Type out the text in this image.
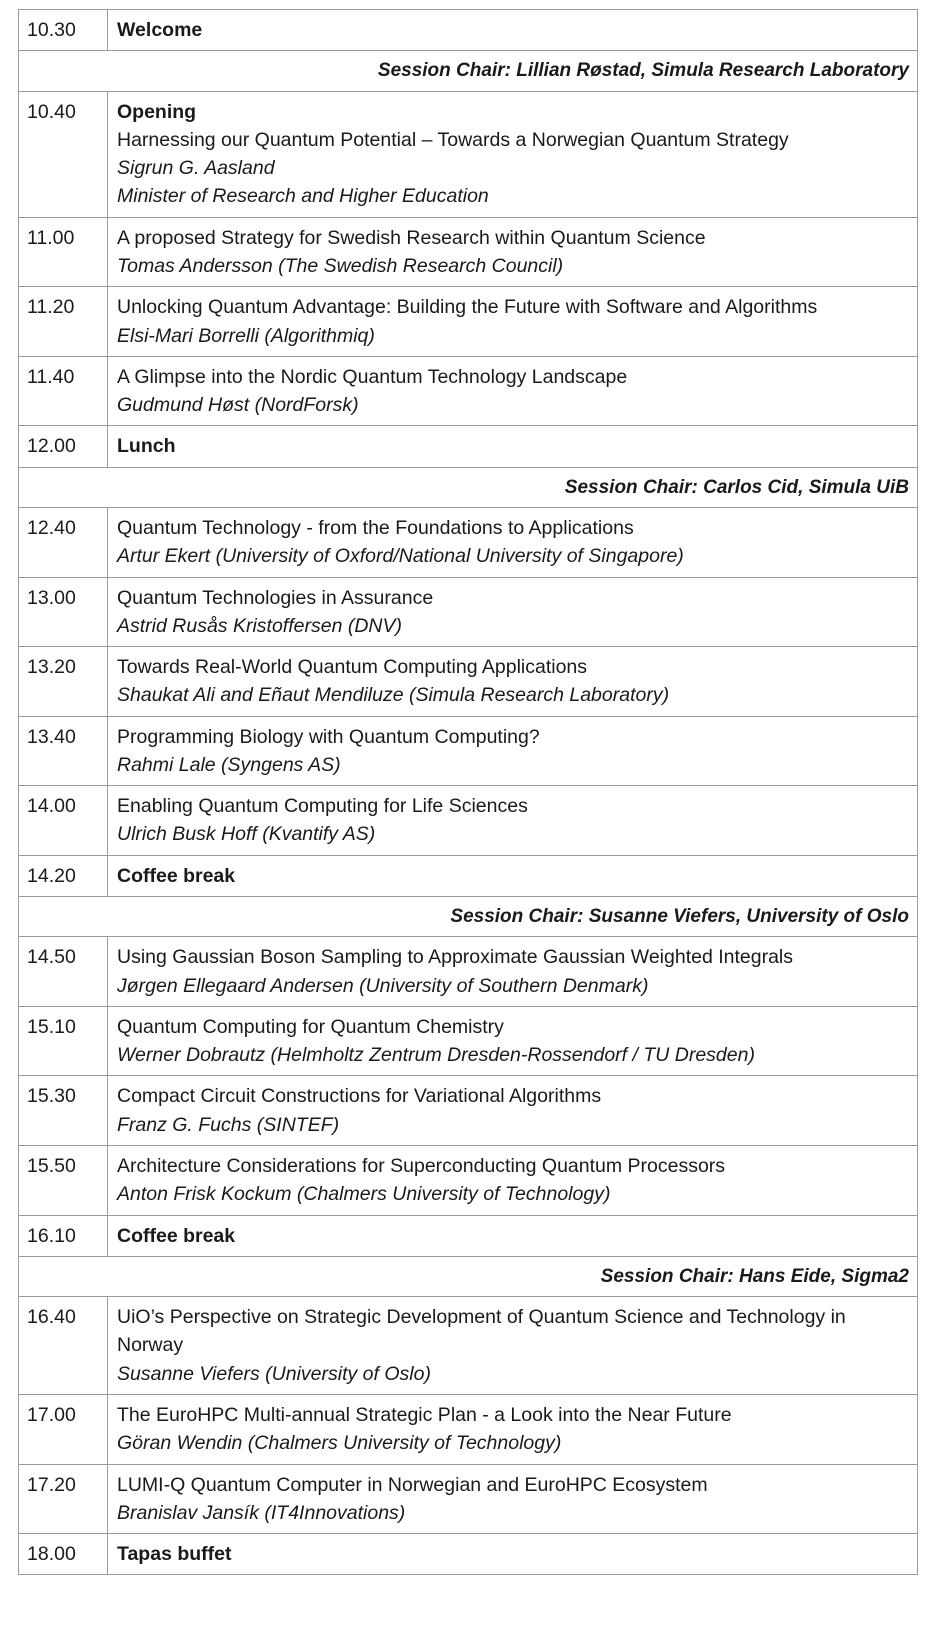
10.30	Welcome

Session Chair: Lillian Røstad, Simula Research Laboratory	
10.40	Opening
Harnessing our Quantum Potential – Towards a Norwegian Quantum Strategy
Sigrun G. Aasland
Minister of Research and Higher Education

11.00	A proposed Strategy for Swedish Research within Quantum Science
Tomas Andersson (The Swedish Research Council)

11.20	Unlocking Quantum Advantage: Building the Future with Software and Algorithms
Elsi-Mari Borrelli (Algorithmiq)

11.40	A Glimpse into the Nordic Quantum Technology Landscape
Gudmund Høst (NordForsk)

12.00	Lunch

Session Chair: Carlos Cid, Simula UiB	
12.40	Quantum Technology - from the Foundations to Applications
Artur Ekert (University of Oxford/National University of Singapore)

13.00	Quantum Technologies in Assurance
Astrid Rusås Kristoffersen (DNV)

13.20	Towards Real-World Quantum Computing Applications
Shaukat Ali and Eñaut Mendiluze (Simula Research Laboratory)

13.40	Programming Biology with Quantum Computing?
Rahmi Lale (Syngens AS)

14.00	Enabling Quantum Computing for Life Sciences
Ulrich Busk Hoff (Kvantify AS)

14.20	Coffee break

Session Chair: Susanne Viefers, University of Oslo	
14.50	Using Gaussian Boson Sampling to Approximate Gaussian Weighted Integrals
Jørgen Ellegaard Andersen (University of Southern Denmark)

15.10	Quantum Computing for Quantum Chemistry
Werner Dobrautz (Helmholtz Zentrum Dresden-Rossendorf / TU Dresden)

15.30	Compact Circuit Constructions for Variational Algorithms
Franz G. Fuchs (SINTEF)

15.50	Architecture Considerations for Superconducting Quantum Processors
Anton Frisk Kockum (Chalmers University of Technology)

16.10	Coffee break

Session Chair: Hans Eide, Sigma2	
16.40	UiO’s Perspective on Strategic Development of Quantum Science and Technology in Norway
Susanne Viefers (University of Oslo)

17.00	The EuroHPC Multi-annual Strategic Plan - a Look into the Near Future
Göran Wendin (Chalmers University of Technology)

17.20	LUMI-Q Quantum Computer in Norwegian and EuroHPC Ecosystem
Branislav Jansík (IT4Innovations)

18.00	Tapas buffet
